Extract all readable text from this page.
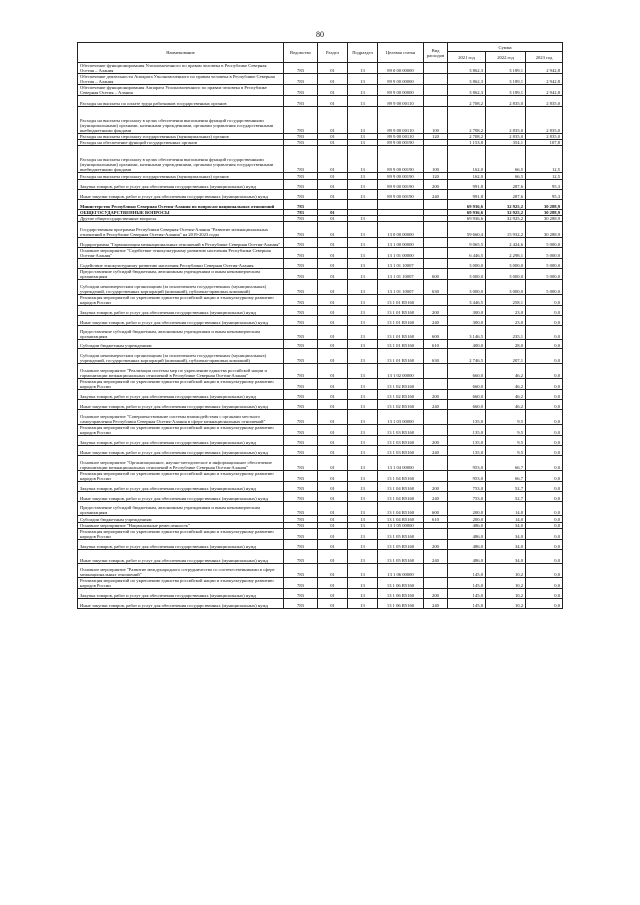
80
Наименование	Ведомство	Раздел	Подраздел	Целевая статья	Вид расходов	Сумма		
						2021 год	2022 год	2023 год
Обеспечение функционирования Уполномоченного по правам человека в Республике Северная Осетия – Алания	783	01	13	89 0 00 00000		3 862,3	3 189,1	2 942,8
Обеспечение деятельности Аппарата Уполномоченного по правам человека в Республике Северная Осетия – Алания	783	01	13	89 9 00 00000		3 862,3	3 189,1	2 942,8
Обеспечение функционирования Аппарата Уполномоченного по правам человека в Республике Северная Осетия – Алания	783	01	13	89 9 00 00000		3 862,3	3 189,1	2 942,8
Расходы на выплаты по оплате труда работников государственных органов	783	01	13	89 9 00 00110		2 708,2	2 835,0	2 835,0
Расходы на выплаты персоналу в целях обеспечения выполнения функций государственными (муниципальными) органами, казенными учреждениями, органами управления государственными внебюджетными фондами	783	01	13	89 9 00 00110	100	2 708,2	2 835,0	2 835,0
Расходы на выплаты персоналу государственных (муниципальных) органов	783	01	13	89 9 00 00110	120	2 708,2	2 835,0	2 835,0
Расходы на обеспечение функций государственных органов	783	01	13	89 9 00 00190		1 153,8	354,1	107,8
Расходы на выплаты персоналу в целях обеспечения выполнения функций государственными (муниципальными) органами, казенными учреждениями, органами управления государственными внебюджетными фондами	783	01	13	89 9 00 00190	100	162,0	66,5	12,5
Расходы на выплаты персоналу государственных (муниципальных) органов	783	01	13	89 9 00 00190	120	162,0	66,5	12,5
Закупка товаров, работ и услуг для обеспечения государственных (муниципальных) нужд	783	01	13	89 9 00 00190	200	991,8	287,6	95,3
Иные закупки товаров, работ и услуг для обеспечения государственных (муниципальных) нужд	783	01	13	89 9 00 00190	240	991,8	287,6	95,3
Министерство Республики Северная Осетия-Алания по вопросам национальных отношений	783					69 936,6	32 925,2	30 288,9
ОБЩЕГОСУДАРСТВЕННЫЕ ВОПРОСЫ	783	01				69 936,6	32 925,2	30 288,9
Другие общегосударственные вопросы	783	01	13			69 936,6	32 925,2	30 288,9
Государственная программа Республики Северная Осетия-Алания "Развитие межнациональных отношений в Республике Северная Осетия-Алания" на 2019-2023 годы	783	01	13	13 0 00 00000		59 660,4	15 932,2	30 288,9
Подпрограмма "Гармонизация межнациональных отношений в Республике Северная Осетия-Алания"	783	01	13	13 1 00 00000		9 065,5	2 424,6	5 000,0
Основное мероприятие "Содействие этнокультурному развитию населения Республики Северная Осетия-Алания"	783	01	13	13 1 01 00000		6 446,5	2 298,1	5 000,0
Содействие этнокультурному развитию населения Республики Северная Осетия-Алания	783	01	13	13 1 01 10007		3 000,0	3 000,0	5 000,0
Предоставление субсидий бюджетным, автономным учреждениям и иным некоммерческим организациям	783	01	13	13 1 01 10007	600	3 000,0	3 000,0	5 000,0
Субсидии некоммерческим организациям (за исключением государственных (муниципальных) учреждений, государственных корпораций (компаний), публично-правовых компаний)	783	01	13	13 1 01 10007	630	3 000,0	3 000,0	5 000,0
Реализация мероприятий по укреплению единства российской нации и этнокультурному развитию народов России	783	01	13	13 1 01 R5160		3 446,5	258,1	0,0
Закупка товаров, работ и услуг для обеспечения государственных (муниципальных) нужд	783	01	13	13 1 01 R5160	200	300,0	23,0	0,0
Иные закупки товаров, работ и услуг для обеспечения государственных (муниципальных) нужд	783	01	13	13 1 01 R5160	240	300,0	23,0	0,0
Предоставление субсидий бюджетным, автономным учреждениям и иным некоммерческим организациям	783	01	13	13 1 01 R5160	600	3 146,5	235,1	0,0
Субсидии бюджетным учреждениям	783	01	13	13 1 01 R5160	610	400,0	28,0	0,0
Субсидии некоммерческим организациям (за исключением государственных (муниципальных) учреждений, государственных корпораций (компаний), публично-правовых компаний)	783	01	13	13 1 01 R5160	630	2 746,5	207,1	0,0
Основное мероприятие "Реализация системы мер по укреплению единства российской нации и гармонизации межнациональных отношений в Республике Северная Осетия-Алания"	783	01	13	13 1 02 00000		660,0	46,2	0,0
Реализация мероприятий по укреплению единства российской нации и этнокультурному развитию народов России	783	01	13	13 1 02 R5160		660,0	46,2	0,0
Закупка товаров, работ и услуг для обеспечения государственных (муниципальных) нужд	783	01	13	13 1 02 R5160	200	660,0	46,2	0,0
Иные закупки товаров, работ и услуг для обеспечения государственных (муниципальных) нужд	783	01	13	13 1 02 R5160	240	660,0	46,2	0,0
Основное мероприятие "Совершенствование системы взаимодействия с органами местного самоуправления Республики Северная Осетия-Алания в сфере межнациональных отношений"	783	01	13	13 1 03 00000		135,0	9,5	0,0
Реализация мероприятий по укреплению единства российской нации и этнокультурному развитию народов России	783	01	13	13 1 03 R5160		135,0	9,5	0,0
Закупка товаров, работ и услуг для обеспечения государственных (муниципальных) нужд	783	01	13	13 1 03 R5160	200	135,0	9,5	0,0
Иные закупки товаров, работ и услуг для обеспечения государственных (муниципальных) нужд	783	01	13	13 1 03 R5160	240	135,0	9,5	0,0
Основное мероприятие "Организационное, научно-методическое и информационное обеспечение гармонизации межнациональных отношений в Республике Северная Осетия-Алания"	783	01	13	13 1 04 00000		953,0	66,7	0,0
Реализация мероприятий по укреплению единства российской нации и этнокультурному развитию народов России	783	01	13	13 1 04 R5160		953,0	66,7	0,0
Закупка товаров, работ и услуг для обеспечения государственных (муниципальных) нужд	783	01	13	13 1 04 R5160	200	753,0	52,7	0,0
Иные закупки товаров, работ и услуг для обеспечения государственных (муниципальных) нужд	783	01	13	13 1 04 R5160	240	753,0	52,7	0,0
Предоставление субсидий бюджетным, автономным учреждениям и иным некоммерческим организациям	783	01	13	13 1 04 R5160	600	200,0	14,0	0,0
Субсидии бюджетным учреждениям	783	01	13	13 1 04 R5160	610	200,0	14,0	0,0
Основное мероприятие "Национальные ремесленность"	783	01	13	13 1 05 00000		486,0	34,0	0,0
Реализация мероприятий по укреплению единства российской нации и этнокультурному развитию народов России	783	01	13	13 1 05 R5160		486,0	34,0	0,0
Закупка товаров, работ и услуг для обеспечения государственных (муниципальных) нужд	783	01	13	13 1 05 R5160	200	486,0	34,0	0,0
Иные закупки товаров, работ и услуг для обеспечения государственных (муниципальных) нужд	783	01	13	13 1 05 R5160	240	486,0	34,0	0,0
Основное мероприятие "Развитие международного сотрудничества со соотечественниками в сфере межнациональных отношений"	783	01	13	13 1 06 00000		145,0	10,2	0,0
Реализация мероприятий по укреплению единства российской нации и этнокультурному развитию народов России	783	01	13	13 1 06 R5160		145,0	10,2	0,0
Закупка товаров, работ и услуг для обеспечения государственных (муниципальных) нужд	783	01	13	13 1 06 R5160	200	145,0	10,2	0,0
Иные закупки товаров, работ и услуг для обеспечения государственных (муниципальных) нужд	783	01	13	13 1 06 R5160	240	145,0	10,2	0,0
